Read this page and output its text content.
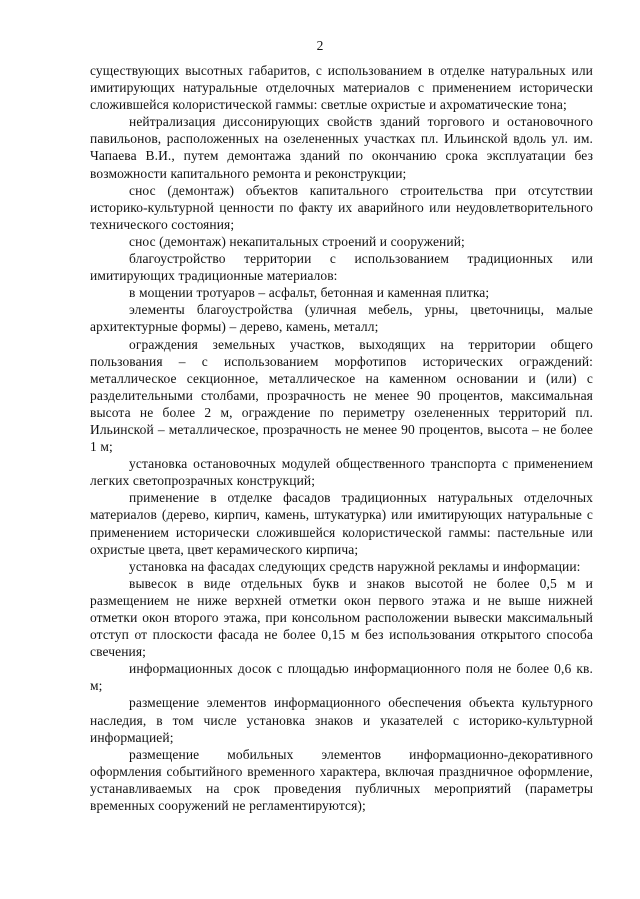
2

существующих высотных габаритов, с использованием в отделке натуральных или имитирующих натуральные отделочных материалов с применением исторически сложившейся колористической гаммы: светлые охристые и ахроматические тона;

нейтрализация диссонирующих свойств зданий торгового и остановочного павильонов, расположенных на озелененных участках пл. Ильинской вдоль ул. им. Чапаева В.И., путем демонтажа зданий по окончанию срока эксплуатации без возможности капитального ремонта и реконструкции;

снос (демонтаж) объектов капитального строительства при отсутствии историко-культурной ценности по факту их аварийного или неудовлетворительного технического состояния;

снос (демонтаж) некапитальных строений и сооружений;

благоустройство территории с использованием традиционных или имитирующих традиционные материалов:

в мощении тротуаров – асфальт, бетонная и каменная плитка;

элементы благоустройства (уличная мебель, урны, цветочницы, малые архитектурные формы) – дерево, камень, металл;

ограждения земельных участков, выходящих на территории общего пользования – с использованием морфотипов исторических ограждений: металлическое секционное, металлическое на каменном основании и (или) с разделительными столбами, прозрачность не менее 90 процентов, максимальная высота не более 2 м, ограждение по периметру озелененных территорий пл. Ильинской – металлическое, прозрачность не менее 90 процентов, высота – не более 1 м;

установка остановочных модулей общественного транспорта с применением легких светопрозрачных конструкций;

применение в отделке фасадов традиционных натуральных отделочных материалов (дерево, кирпич, камень, штукатурка) или имитирующих натуральные с применением исторически сложившейся колористической гаммы: пастельные или охристые цвета, цвет керамического кирпича;

установка на фасадах следующих средств наружной рекламы и информации:

вывесок в виде отдельных букв и знаков высотой не более 0,5 м и размещением не ниже верхней отметки окон первого этажа и не выше нижней отметки окон второго этажа, при консольном расположении вывески максимальный отступ от плоскости фасада не более 0,15 м без использования открытого способа свечения;

информационных досок с площадью информационного поля не более 0,6 кв. м;

размещение элементов информационного обеспечения объекта культурного наследия, в том числе установка знаков и указателей с историко-культурной информацией;

размещение мобильных элементов информационно-декоративного оформления событийного временного характера, включая праздничное оформление, устанавливаемых на срок проведения публичных мероприятий (параметры временных сооружений не регламентируются);
